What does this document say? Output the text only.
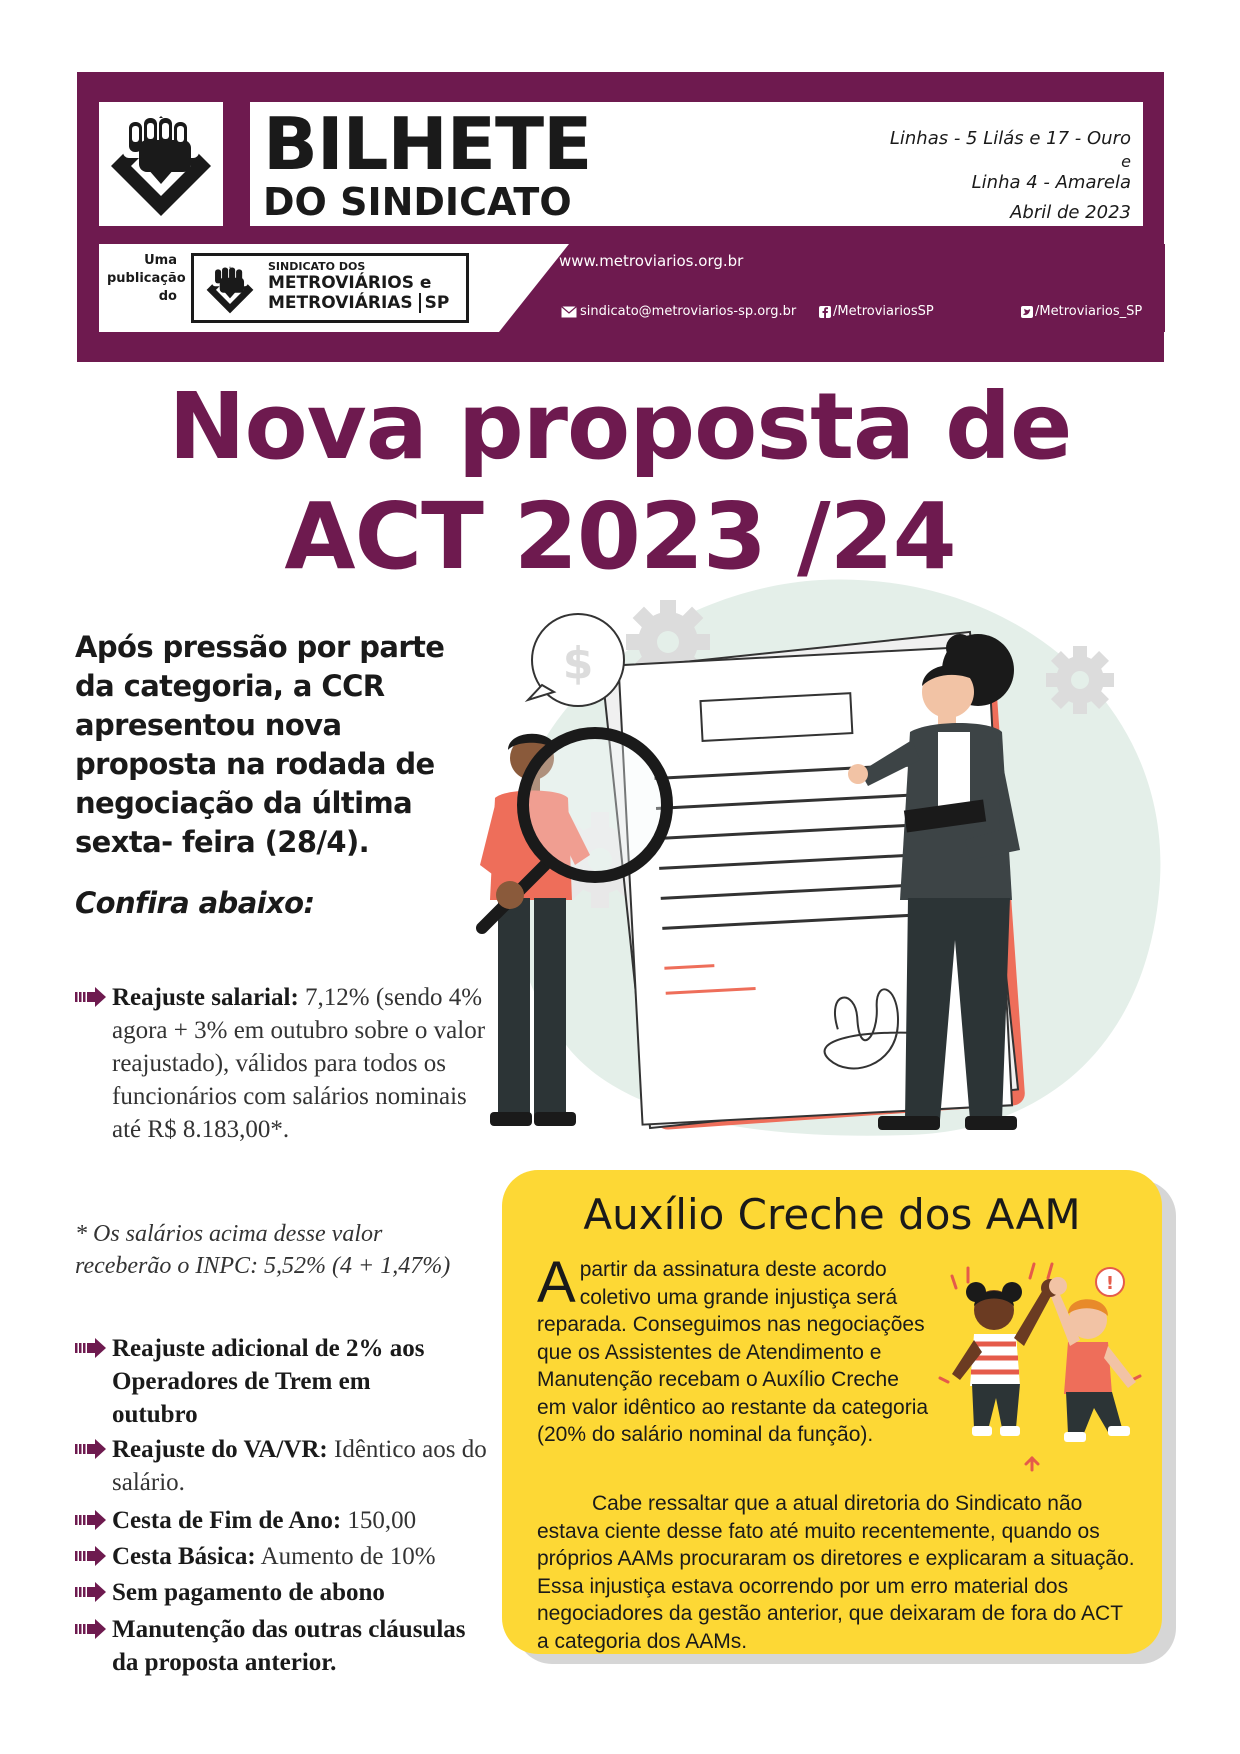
BILHETE
DO SINDICATO
Linhas - 5 Lilás e 17 - Ouro
e
Linha 4 - Amarela
Abril de 2023
Uma
publicação
do
SINDICATO DOS
METROVIÁRIOS e
METROVIÁRIAS SP
www.metroviarios.org.br
sindicato@metroviarios-sp.org.br	/MetroviariosSP	/Metroviarios_SP
Nova proposta de
ACT 2023 /24
$
Após pressão por parte da categoria, a CCR apresentou nova proposta na rodada de negociação da última sexta- feira (28/4).
Confira abaixo:
Reajuste salarial: 7,12% (sendo 4% agora + 3% em outubro sobre o valor reajustado), válidos para todos os funcionários com salários nominais até R$ 8.183,00*.
* Os salários acima desse valor receberão o INPC: 5,52% (4 + 1,47%)
Reajuste adicional de 2% aos Operadores de Trem em outubro
Reajuste do VA/VR: Idêntico aos do salário.
Cesta de Fim de Ano: 150,00
Cesta Básica: Aumento de 10%
Sem pagamento de abono
Manutenção das outras cláusulas da proposta anterior.
Auxílio Creche dos AAM
Apartir da assinatura deste acordo coletivo uma grande injustiça será reparada. Conseguimos nas negociações que os Assistentes de Atendimento e Manutenção recebam o Auxílio Creche em valor idêntico ao restante da categoria (20% do salário nominal da função).
!
Cabe ressaltar que a atual diretoria do Sindicato não estava ciente desse fato até muito recentemente, quando os próprios AAMs procuraram os diretores e explicaram a situação. Essa injustiça estava ocorrendo por um erro material dos negociadores da gestão anterior, que deixaram de fora do ACT a categoria dos AAMs.
